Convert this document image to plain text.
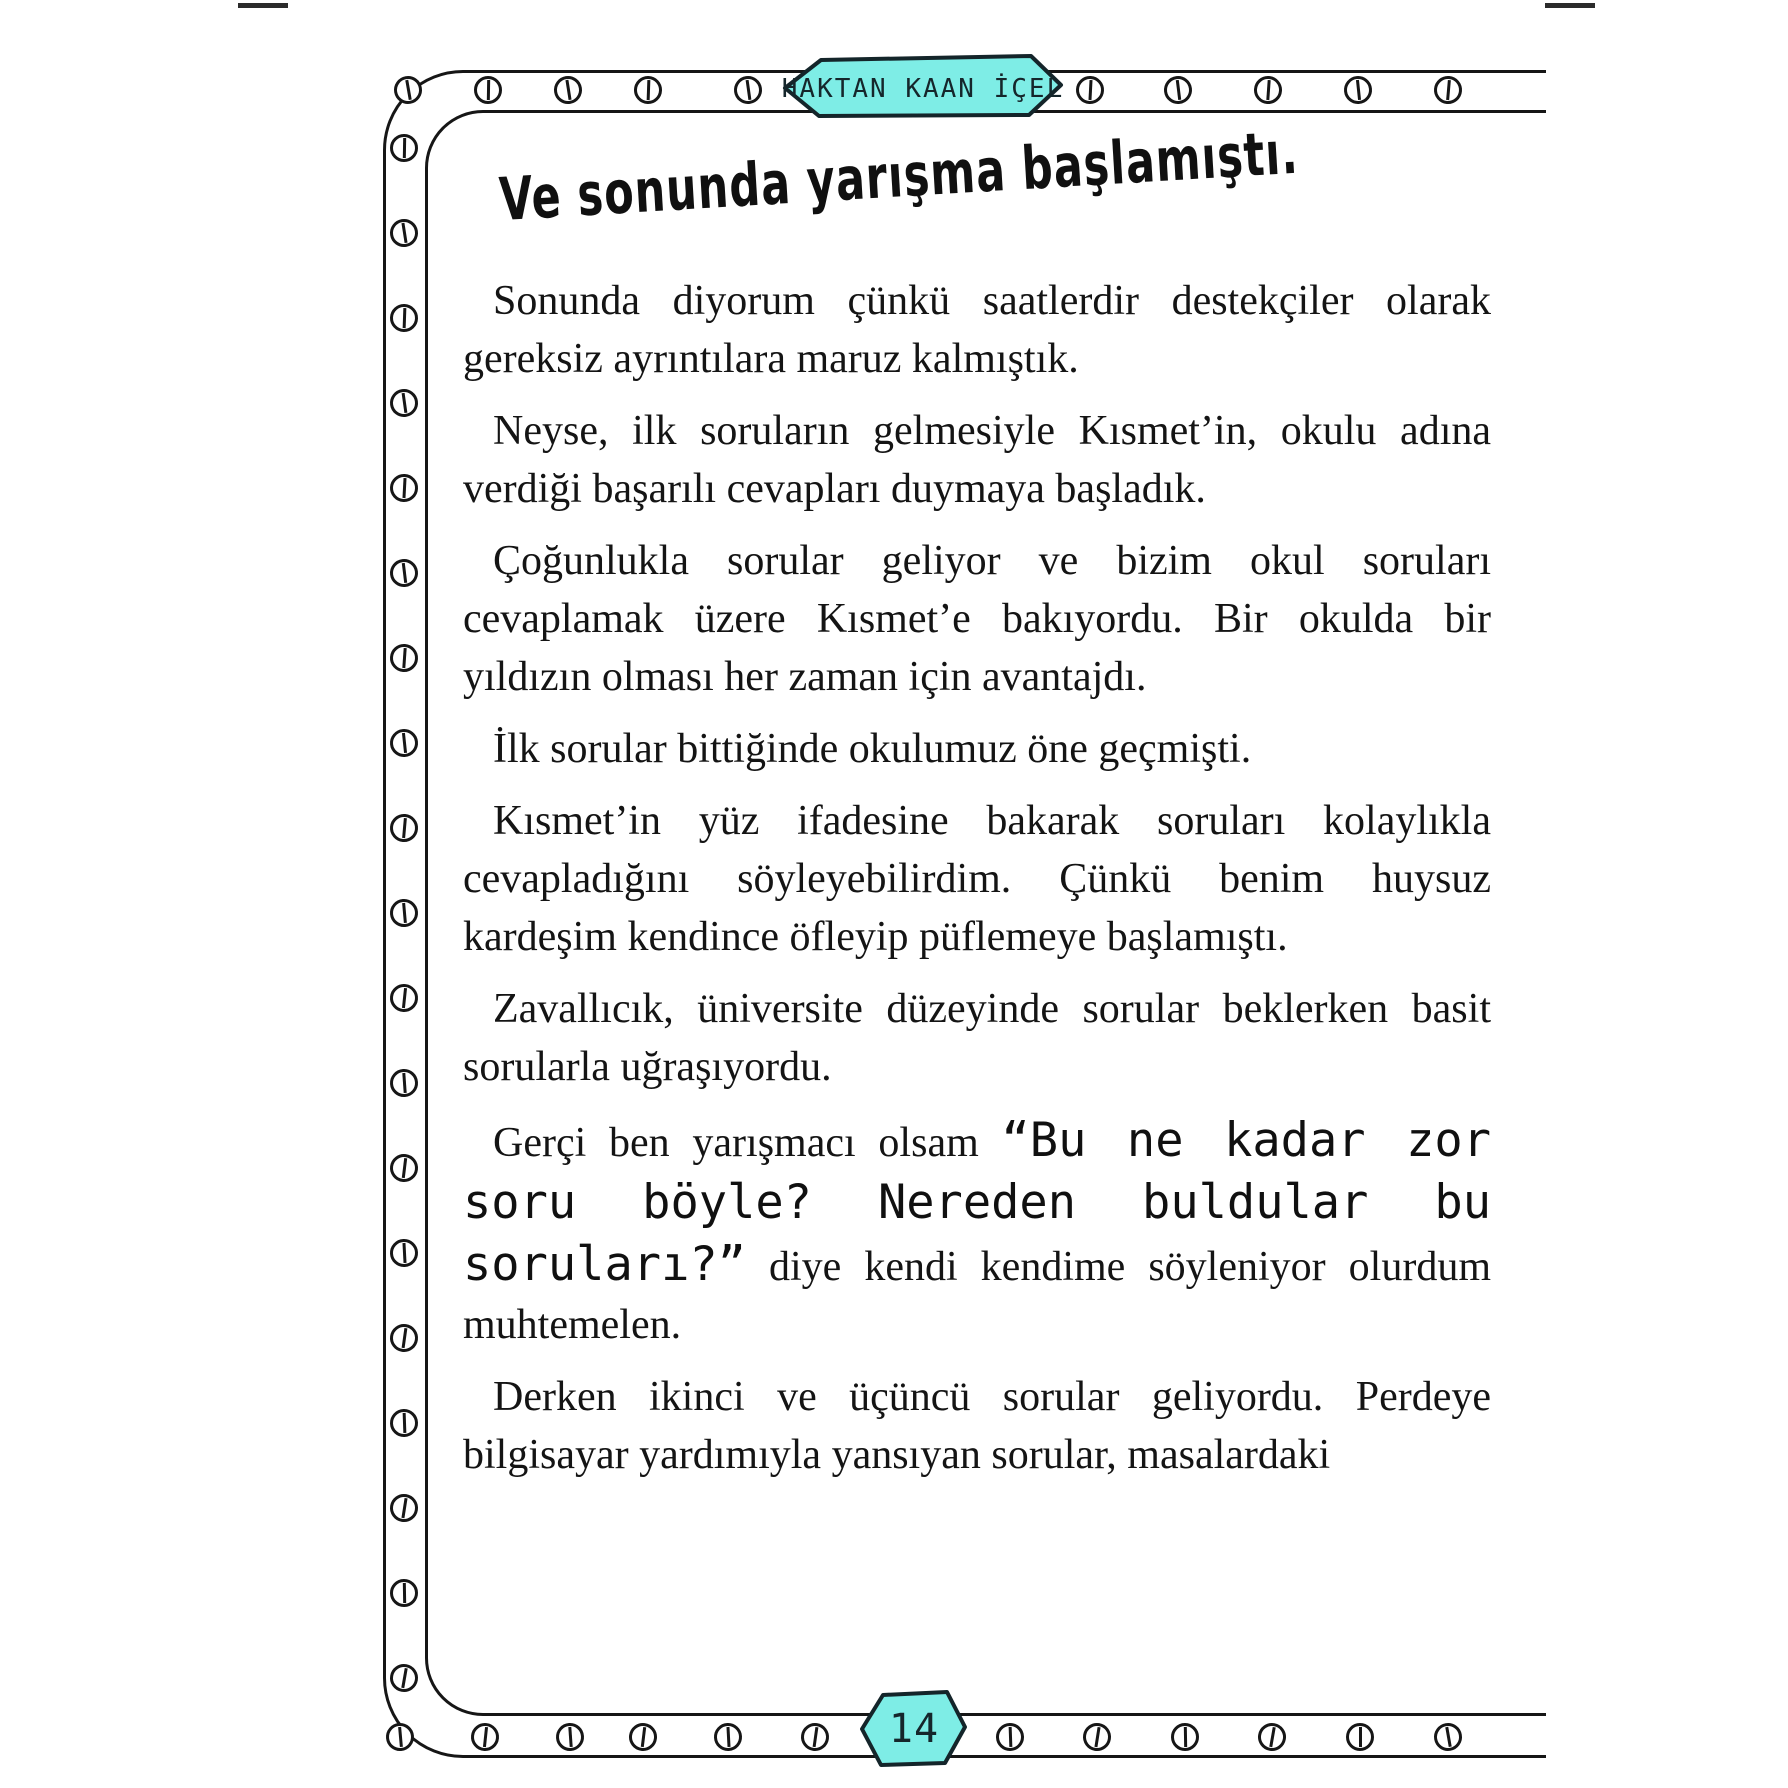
HAKTAN KAAN İÇEL
14
Ve sonunda yarışma başlamıştı.

Sonunda diyorum çünkü saatlerdir destekçiler olarak gereksiz ayrıntılara maruz kalmıştık.

Neyse, ilk soruların gelmesiyle Kısmet’in, okulu adına verdiği başarılı cevapları duymaya başladık.

Çoğunlukla sorular geliyor ve bizim okul soruları cevaplamak üzere Kısmet’e bakıyordu. Bir okulda bir yıldızın olması her zaman için avantajdı.

İlk sorular bittiğinde okulumuz öne geçmişti.

Kısmet’in yüz ifadesine bakarak soruları kolaylıkla cevapladığını söyleyebilirdim. Çünkü benim huysuz kardeşim kendince öfleyip püflemeye başlamıştı.

Zavallıcık, üniversite düzeyinde sorular beklerken basit sorularla uğraşıyordu.

Gerçi ben yarışmacı olsam “Bu ne kadar zor soru böyle? Nereden buldular bu soruları?” diye kendi kendime söyleniyor olurdum muhtemelen.

Derken ikinci ve üçüncü sorular geliyordu. Perdeye bilgisayar yardımıyla yansıyan sorular, masalardaki
